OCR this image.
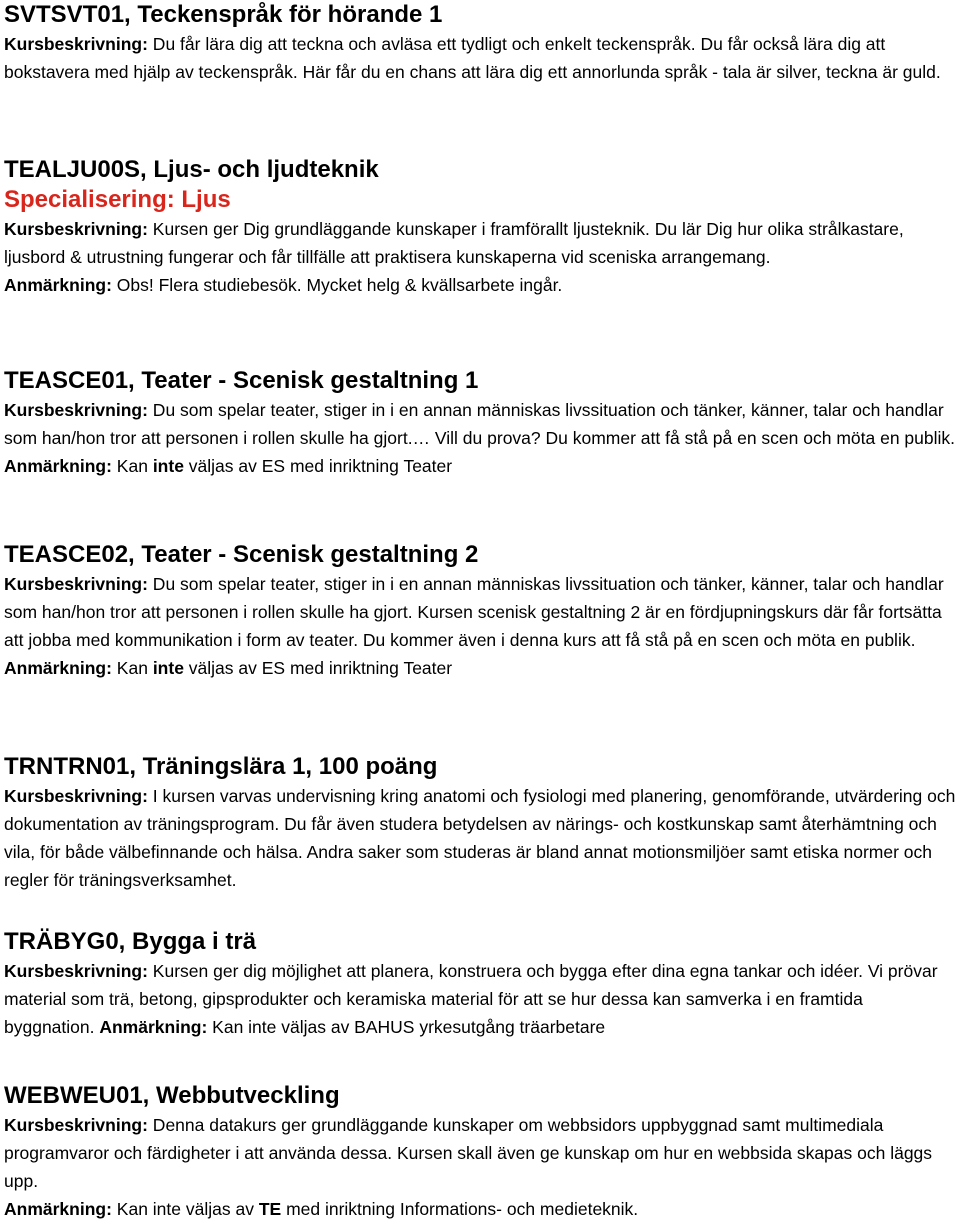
SVTSVT01, Teckenspråk för hörande 1

Kursbeskrivning: Du får lära dig att teckna och avläsa ett tydligt och enkelt teckenspråk. Du får också lära dig att bokstavera med hjälp av teckenspråk. Här får du en chans att lära dig ett annorlunda språk - tala är silver, teckna är guld.

TEALJU00S, Ljus- och ljudteknik
Specialisering: Ljus

Kursbeskrivning: Kursen ger Dig grundläggande kunskaper i framförallt ljusteknik. Du lär Dig hur olika strålkastare, ljusbord & utrustning fungerar och får tillfälle att praktisera kunskaperna vid sceniska arrangemang.

Anmärkning: Obs! Flera studiebesök. Mycket helg & kvällsarbete ingår.

TEASCE01, Teater - Scenisk gestaltning 1

Kursbeskrivning: Du som spelar teater, stiger in i en annan människas livssituation och tänker, känner, talar och handlar som han/hon tror att personen i rollen skulle ha gjort.… Vill du prova? Du kommer att få stå på en scen och möta en publik.

Anmärkning: Kan inte väljas av ES med inriktning Teater

TEASCE02, Teater - Scenisk gestaltning 2

Kursbeskrivning: Du som spelar teater, stiger in i en annan människas livssituation och tänker, känner, talar och handlar som han/hon tror att personen i rollen skulle ha gjort. Kursen scenisk gestaltning 2 är en fördjupningskurs där får fortsätta att jobba med kommunikation i form av teater. Du kommer även i denna kurs att få stå på en scen och möta en publik.

Anmärkning: Kan inte väljas av ES med inriktning Teater

TRNTRN01, Träningslära 1, 100 poäng

Kursbeskrivning: I kursen varvas undervisning kring anatomi och fysiologi med planering, genomförande, utvärdering och dokumentation av träningsprogram. Du får även studera betydelsen av närings- och kostkunskap samt återhämtning och vila, för både välbefinnande och hälsa. Andra saker som studeras är bland annat motionsmiljöer samt etiska normer och regler för träningsverksamhet.

TRÄBYG0, Bygga i trä

Kursbeskrivning: Kursen ger dig möjlighet att planera, konstruera och bygga efter dina egna tankar och idéer. Vi prövar material som trä, betong, gipsprodukter och keramiska material för att se hur dessa kan samverka i en framtida byggnation. Anmärkning: Kan inte väljas av BAHUS yrkesutgång träarbetare

WEBWEU01, Webbutveckling

Kursbeskrivning: Denna datakurs ger grundläggande kunskaper om webbsidors uppbyggnad samt multimediala programvaror och färdigheter i att använda dessa. Kursen skall även ge kunskap om hur en webbsida skapas och läggs upp.

Anmärkning: Kan inte väljas av TE med inriktning Informations- och medieteknik.
